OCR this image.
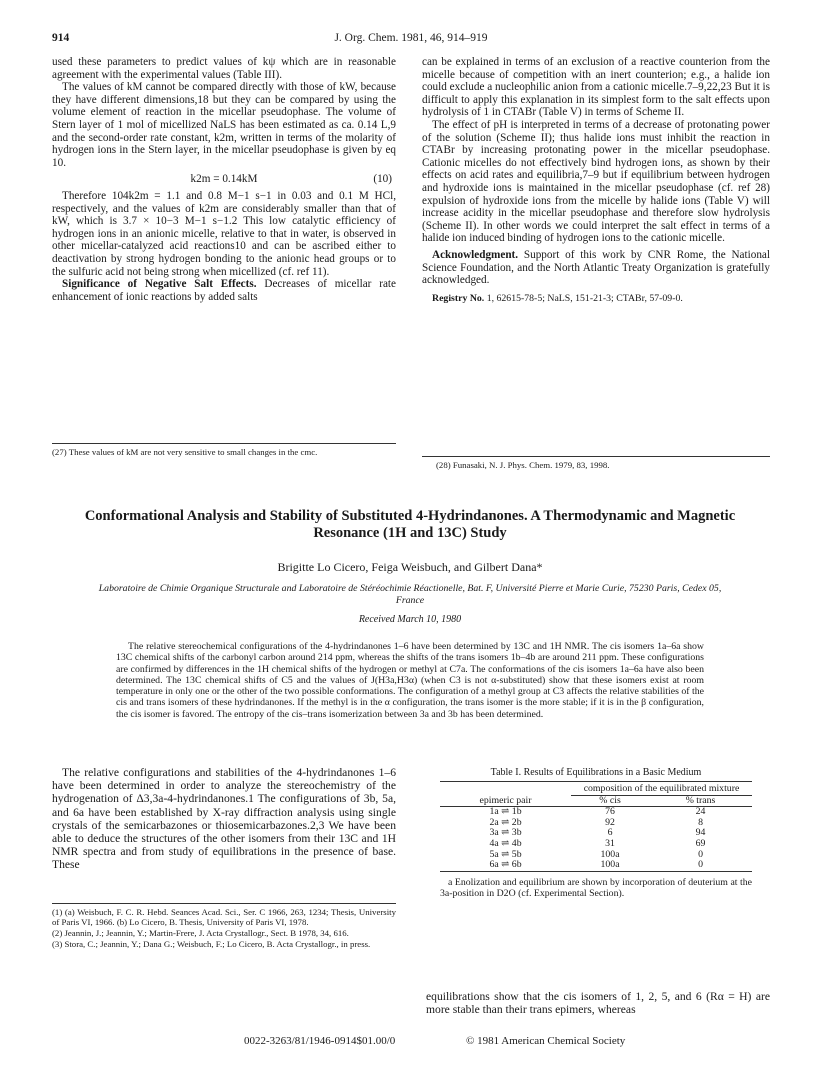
914	J. Org. Chem. 1981, 46, 914–919

used these parameters to predict values of kψ which are in reasonable agreement with the experimental values (Table III).

The values of kM cannot be compared directly with those of kW, because they have different dimensions,18 but they can be compared by using the volume element of reaction in the micellar pseudophase. The volume of Stern layer of 1 mol of micellized NaLS has been estimated as ca. 0.14 L,9 and the second-order rate constant, k2m, written in terms of the molarity of hydrogen ions in the Stern layer, in the micellar pseudophase is given by eq 10.

k2m = 0.14kM	(10)

Therefore 104k2m = 1.1 and 0.8 M−1 s−1 in 0.03 and 0.1 M HCl, respectively, and the values of k2m are considerably smaller than that of kW, which is 3.7 × 10−3 M−1 s−1.2 This low catalytic efficiency of hydrogen ions in an anionic micelle, relative to that in water, is observed in other micellar-catalyzed acid reactions10 and can be ascribed either to deactivation by strong hydrogen bonding to the anionic head groups or to the sulfuric acid not being strong when micellized (cf. ref 11).

Significance of Negative Salt Effects. Decreases of micellar rate enhancement of ionic reactions by added salts

can be explained in terms of an exclusion of a reactive counterion from the micelle because of competition with an inert counterion; e.g., a halide ion could exclude a nucleophilic anion from a cationic micelle.7–9,22,23 But it is difficult to apply this explanation in its simplest form to the salt effects upon hydrolysis of 1 in CTABr (Table V) in terms of Scheme II.

The effect of pH is interpreted in terms of a decrease of protonating power of the solution (Scheme II); thus halide ions must inhibit the reaction in CTABr by increasing protonating power in the micellar pseudophase. Cationic micelles do not effectively bind hydrogen ions, as shown by their effects on acid rates and equilibria,7–9 but if equilibrium between hydrogen and hydroxide ions is maintained in the micellar pseudophase (cf. ref 28) expulsion of hydroxide ions from the micelle by halide ions (Table V) will increase acidity in the micellar pseudophase and therefore slow hydrolysis (Scheme II). In other words we could interpret the salt effect in terms of a halide ion induced binding of hydrogen ions to the cationic micelle.

Acknowledgment. Support of this work by CNR Rome, the National Science Foundation, and the North Atlantic Treaty Organization is gratefully acknowledged.

Registry No. 1, 62615-78-5; NaLS, 151-21-3; CTABr, 57-09-0.

(27) These values of kM are not very sensitive to small changes in the cmc.

(28) Funasaki, N. J. Phys. Chem. 1979, 83, 1998.

Conformational Analysis and Stability of Substituted 4-Hydrindanones. A Thermodynamic and Magnetic Resonance (1H and 13C) Study
Brigitte Lo Cicero, Feiga Weisbuch, and Gilbert Dana*
Laboratoire de Chimie Organique Structurale and Laboratoire de Stéréochimie Réactionelle, Bat. F, Université Pierre et Marie Curie, 75230 Paris, Cedex 05, France
Received March 10, 1980

The relative stereochemical configurations of the 4-hydrindanones 1–6 have been determined by 13C and 1H NMR. The cis isomers 1a–6a show 13C chemical shifts of the carbonyl carbon around 214 ppm, whereas the shifts of the trans isomers 1b–4b are around 211 ppm. These configurations are confirmed by differences in the 1H chemical shifts of the hydrogen or methyl at C7a. The conformations of the cis isomers 1a–6a have also been determined. The 13C chemical shifts of C5 and the values of J(H3a,H3α) (when C3 is not α-substituted) show that these isomers exist at room temperature in only one or the other of the two possible conformations. The configuration of a methyl group at C3 affects the relative stabilities of the cis and trans isomers of these hydrindanones. If the methyl is in the α configuration, the trans isomer is the more stable; if it is in the β configuration, the cis isomer is favored. The entropy of the cis–trans isomerization between 3a and 3b has been determined.

The relative configurations and stabilities of the 4-hydrindanones 1–6 have been determined in order to analyze the stereochemistry of the hydrogenation of Δ3,3a-4-hydrindanones.1 The configurations of 3b, 5a, and 6a have been established by X-ray diffraction analysis using single crystals of the semicarbazones or thiosemicarbazones.2,3 We have been able to deduce the structures of the other isomers from their 13C and 1H NMR spectra and from study of equilibrations in the presence of base. These

(1) (a) Weisbuch, F. C. R. Hebd. Seances Acad. Sci., Ser. C 1966, 263, 1234; Thesis, University of Paris VI, 1966. (b) Lo Cicero, B. Thesis, University of Paris VI, 1978.

(2) Jeannin, J.; Jeannin, Y.; Martin-Frere, J. Acta Crystallogr., Sect. B 1978, 34, 616.

(3) Stora, C.; Jeannin, Y.; Dana G.; Weisbuch, F.; Lo Cicero, B. Acta Crystallogr., in press.

Table I. Results of Equilibrations in a Basic Medium
epimeric pair	composition of the equilibrated mixture	
	% cis	% trans
1a ⇌ 1b	76	24
2a ⇌ 2b	92	8
3a ⇌ 3b	6	94
4a ⇌ 4b	31	69
5a ⇌ 5b	100a	0
6a ⇌ 6b	100a	0
a Enolization and equilibrium are shown by incorporation of deuterium at the 3a-position in D2O (cf. Experimental Section).

equilibrations show that the cis isomers of 1, 2, 5, and 6 (Rα = H) are more stable than their trans epimers, whereas

0022-3263/81/1946-0914$01.00/0	© 1981 American Chemical Society
